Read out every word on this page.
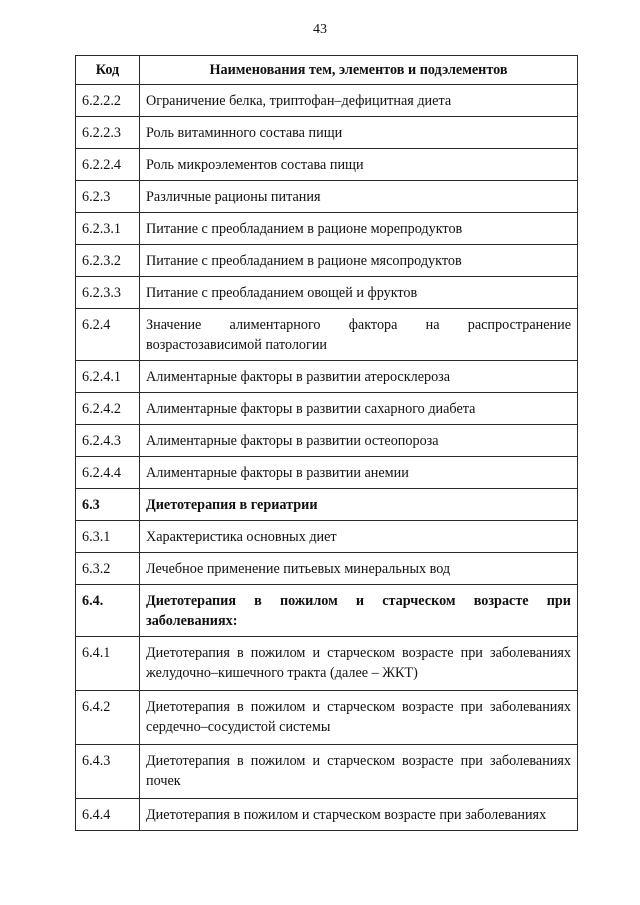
43
Код	Наименования тем, элементов и подэлементов
6.2.2.2	Ограничение белка, триптофан–дефицитная диета
6.2.2.3	Роль витаминного состава пищи
6.2.2.4	Роль микроэлементов состава пищи
6.2.3	Различные рационы питания
6.2.3.1	Питание с преобладанием в рационе морепродуктов
6.2.3.2	Питание с преобладанием в рационе мясопродуктов
6.2.3.3	Питание с преобладанием овощей и фруктов
6.2.4	Значение алиментарного фактора на распространение возрастозависимой патологии
6.2.4.1	Алиментарные факторы в развитии атеросклероза
6.2.4.2	Алиментарные факторы в развитии сахарного диабета
6.2.4.3	Алиментарные факторы в развитии остеопороза
6.2.4.4	Алиментарные факторы в развитии анемии
6.3	Диетотерапия в гериатрии
6.3.1	Характеристика основных диет
6.3.2	Лечебное применение питьевых минеральных вод
6.4.	Диетотерапия в пожилом и старческом возрасте при заболеваниях:
6.4.1	Диетотерапия в пожилом и старческом возрасте при заболеваниях желудочно–кишечного тракта (далее – ЖКТ)
6.4.2	Диетотерапия в пожилом и старческом возрасте при заболеваниях сердечно–сосудистой системы
6.4.3	Диетотерапия в пожилом и старческом возрасте при заболеваниях почек
6.4.4	Диетотерапия в пожилом и старческом возрасте при заболеваниях
